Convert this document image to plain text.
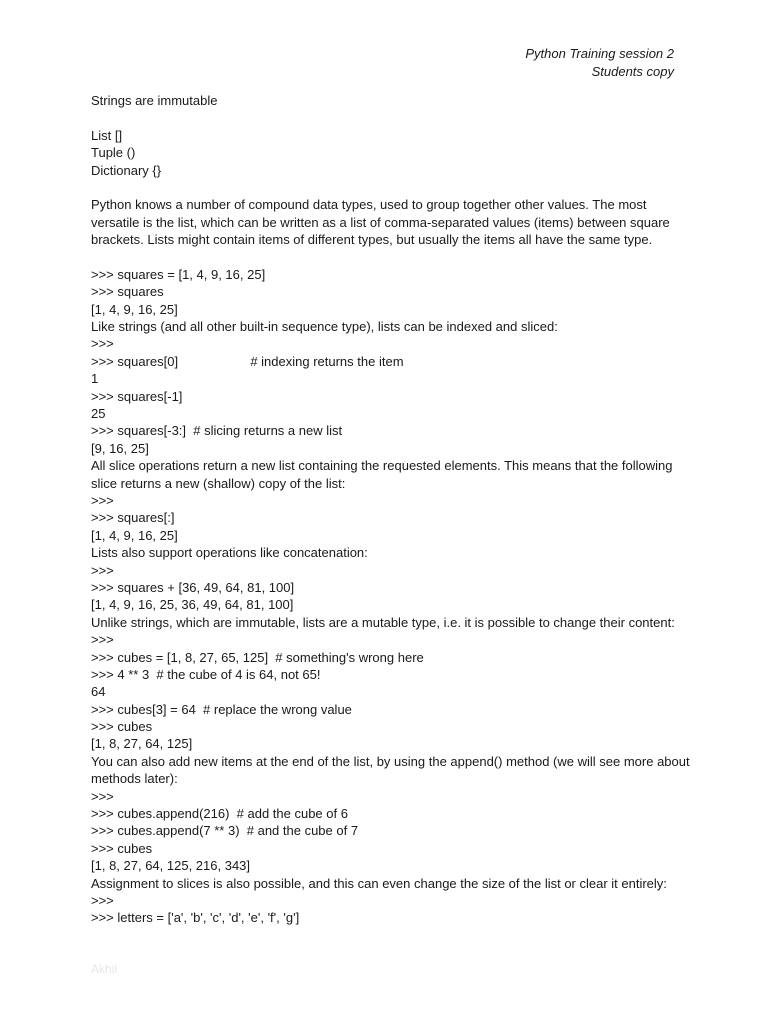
Python Training session 2
Students copy
Strings are immutable
List []
Tuple ()
Dictionary {}
Python knows a number of compound data types, used to group together other values. The most
versatile is the list, which can be written as a list of comma-separated values (items) between square
brackets. Lists might contain items of different types, but usually the items all have the same type.
>>> squares = [1, 4, 9, 16, 25]
>>> squares
[1, 4, 9, 16, 25]
Like strings (and all other built-in sequence type), lists can be indexed and sliced:
>>>
>>> squares[0]                    # indexing returns the item
1
>>> squares[-1]
25
>>> squares[-3:]  # slicing returns a new list
[9, 16, 25]
All slice operations return a new list containing the requested elements. This means that the following
slice returns a new (shallow) copy of the list:
>>>
>>> squares[:]
[1, 4, 9, 16, 25]
Lists also support operations like concatenation:
>>>
>>> squares + [36, 49, 64, 81, 100]
[1, 4, 9, 16, 25, 36, 49, 64, 81, 100]
Unlike strings, which are immutable, lists are a mutable type, i.e. it is possible to change their content:
>>>
>>> cubes = [1, 8, 27, 65, 125]  # something's wrong here
>>> 4 ** 3  # the cube of 4 is 64, not 65!
64
>>> cubes[3] = 64  # replace the wrong value
>>> cubes
[1, 8, 27, 64, 125]
You can also add new items at the end of the list, by using the append() method (we will see more about
methods later):
>>>
>>> cubes.append(216)  # add the cube of 6
>>> cubes.append(7 ** 3)  # and the cube of 7
>>> cubes
[1, 8, 27, 64, 125, 216, 343]
Assignment to slices is also possible, and this can even change the size of the list or clear it entirely:
>>>
>>> letters = ['a', 'b', 'c', 'd', 'e', 'f', 'g']
Akhil
